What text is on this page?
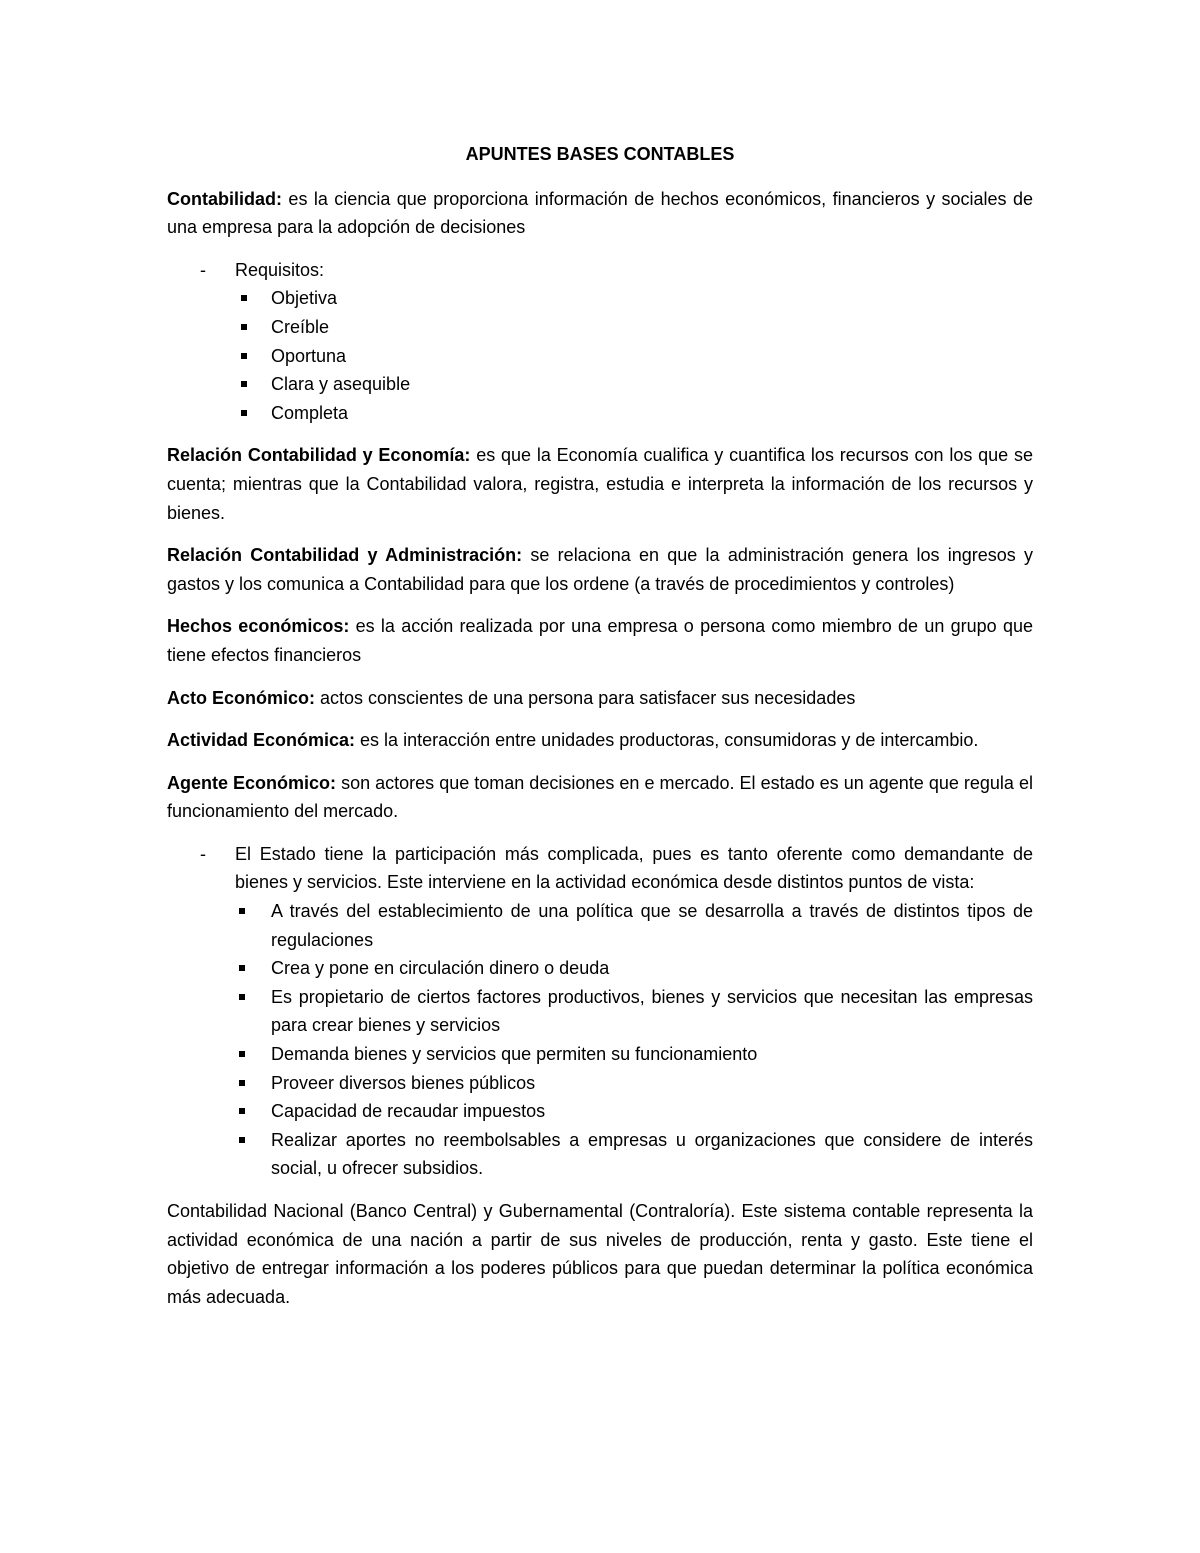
APUNTES BASES CONTABLES

Contabilidad: es la ciencia que proporciona información de hechos económicos, financieros y sociales de una empresa para la adopción de decisiones

- Requisitos:
Objetiva
Creíble
Oportuna
Clara y asequible
Completa

Relación Contabilidad y Economía: es que la Economía cualifica y cuantifica los recursos con los que se cuenta; mientras que la Contabilidad valora, registra, estudia e interpreta la información de los recursos y bienes.

Relación Contabilidad y Administración: se relaciona en que la administración genera los ingresos y gastos y los comunica a Contabilidad para que los ordene (a través de procedimientos y controles)

Hechos económicos: es la acción realizada por una empresa o persona como miembro de un grupo que tiene efectos financieros

Acto Económico: actos conscientes de una persona para satisfacer sus necesidades

Actividad Económica: es la interacción entre unidades productoras, consumidoras y de intercambio.

Agente Económico: son actores que toman decisiones en e mercado. El estado es un agente que regula el funcionamiento del mercado.

- El Estado tiene la participación más complicada, pues es tanto oferente como demandante de bienes y servicios. Este interviene en la actividad económica desde distintos puntos de vista:
A través del establecimiento de una política que se desarrolla a través de distintos tipos de regulaciones
Crea y pone en circulación dinero o deuda
Es propietario de ciertos factores productivos, bienes y servicios que necesitan las empresas para crear bienes y servicios
Demanda bienes y servicios que permiten su funcionamiento
Proveer diversos bienes públicos
Capacidad de recaudar impuestos
Realizar aportes no reembolsables a empresas u organizaciones que considere de interés social, u ofrecer subsidios.

Contabilidad Nacional (Banco Central) y Gubernamental (Contraloría). Este sistema contable representa la actividad económica de una nación a partir de sus niveles de producción, renta y gasto. Este tiene el objetivo de entregar información a los poderes públicos para que puedan determinar la política económica más adecuada.
